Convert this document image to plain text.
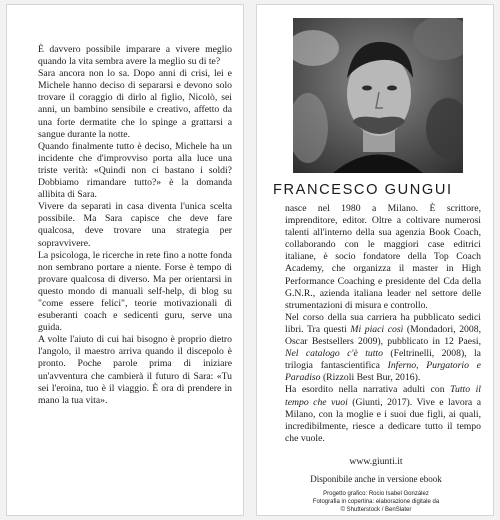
È davvero possibile imparare a vivere meglio quando la vita sembra avere la meglio su di te?

Sara ancora non lo sa. Dopo anni di crisi, lei e Michele hanno deciso di separarsi e devono solo trovare il coraggio di dirlo al figlio, Nicolò, sei anni, un bambino sensibile e creativo, affetto da una forte dermatite che lo spinge a grattarsi a sangue durante la notte.

Quando finalmente tutto è deciso, Michele ha un incidente che d'improvviso porta alla luce una triste verità: «Quindi non ci bastano i soldi? Dobbiamo rimandare tutto?» è la domanda allibita di Sara.

Vivere da separati in casa diventa l'unica scelta possibile. Ma Sara capisce che deve fare qualcosa, deve trovare una strategia per sopravvivere.

La psicologa, le ricerche in rete fino a notte fonda non sembrano portare a niente. Forse è tempo di provare qualcosa di diverso. Ma per orientarsi in questo mondo di manuali self-help, di blog su "come essere felici", teorie motivazionali di esuberanti coach e sedicenti guru, serve una guida.

A volte l'aiuto di cui hai bisogno è proprio dietro l'angolo, il maestro arriva quando il discepolo è pronto. Poche parole prima di iniziare un'avventura che cambierà il futuro di Sara: «Tu sei l'eroina, tuo è il viaggio. È ora di prendere in mano la tua vita».

FRANCESCO GUNGUI

nasce nel 1980 a Milano. È scrittore, imprenditore, editor. Oltre a coltivare numerosi talenti all'interno della sua agenzia Book Coach, collaborando con le maggiori case editrici italiane, è socio fondatore della Top Coach Academy, che organizza il master in High Performance Coaching e presidente del Cda della G.N.R., azienda italiana leader nel settore delle strumentazioni di misura e controllo.

Nel corso della sua carriera ha pubblicato sedici libri. Tra questi Mi piaci così (Mondadori, 2008, Oscar Bestsellers 2009), pubblicato in 12 Paesi, Nel catalogo c'è tutto (Feltrinelli, 2008), la trilogia fantascientifica Inferno, Purgatorio e Paradiso (Rizzoli Best Bur, 2016).

Ha esordito nella narrativa adulti con Tutto il tempo che vuoi (Giunti, 2017). Vive e lavora a Milano, con la moglie e i suoi due figli, ai quali, incredibilmente, riesce a dedicare tutto il tempo che vuole.

www.giunti.it
Disponibile anche in versione ebook
Progetto grafico: Rocio Isabel González
Fotografia in copertina: elaborazione digitale da
© Shutterstock / BenSlater
